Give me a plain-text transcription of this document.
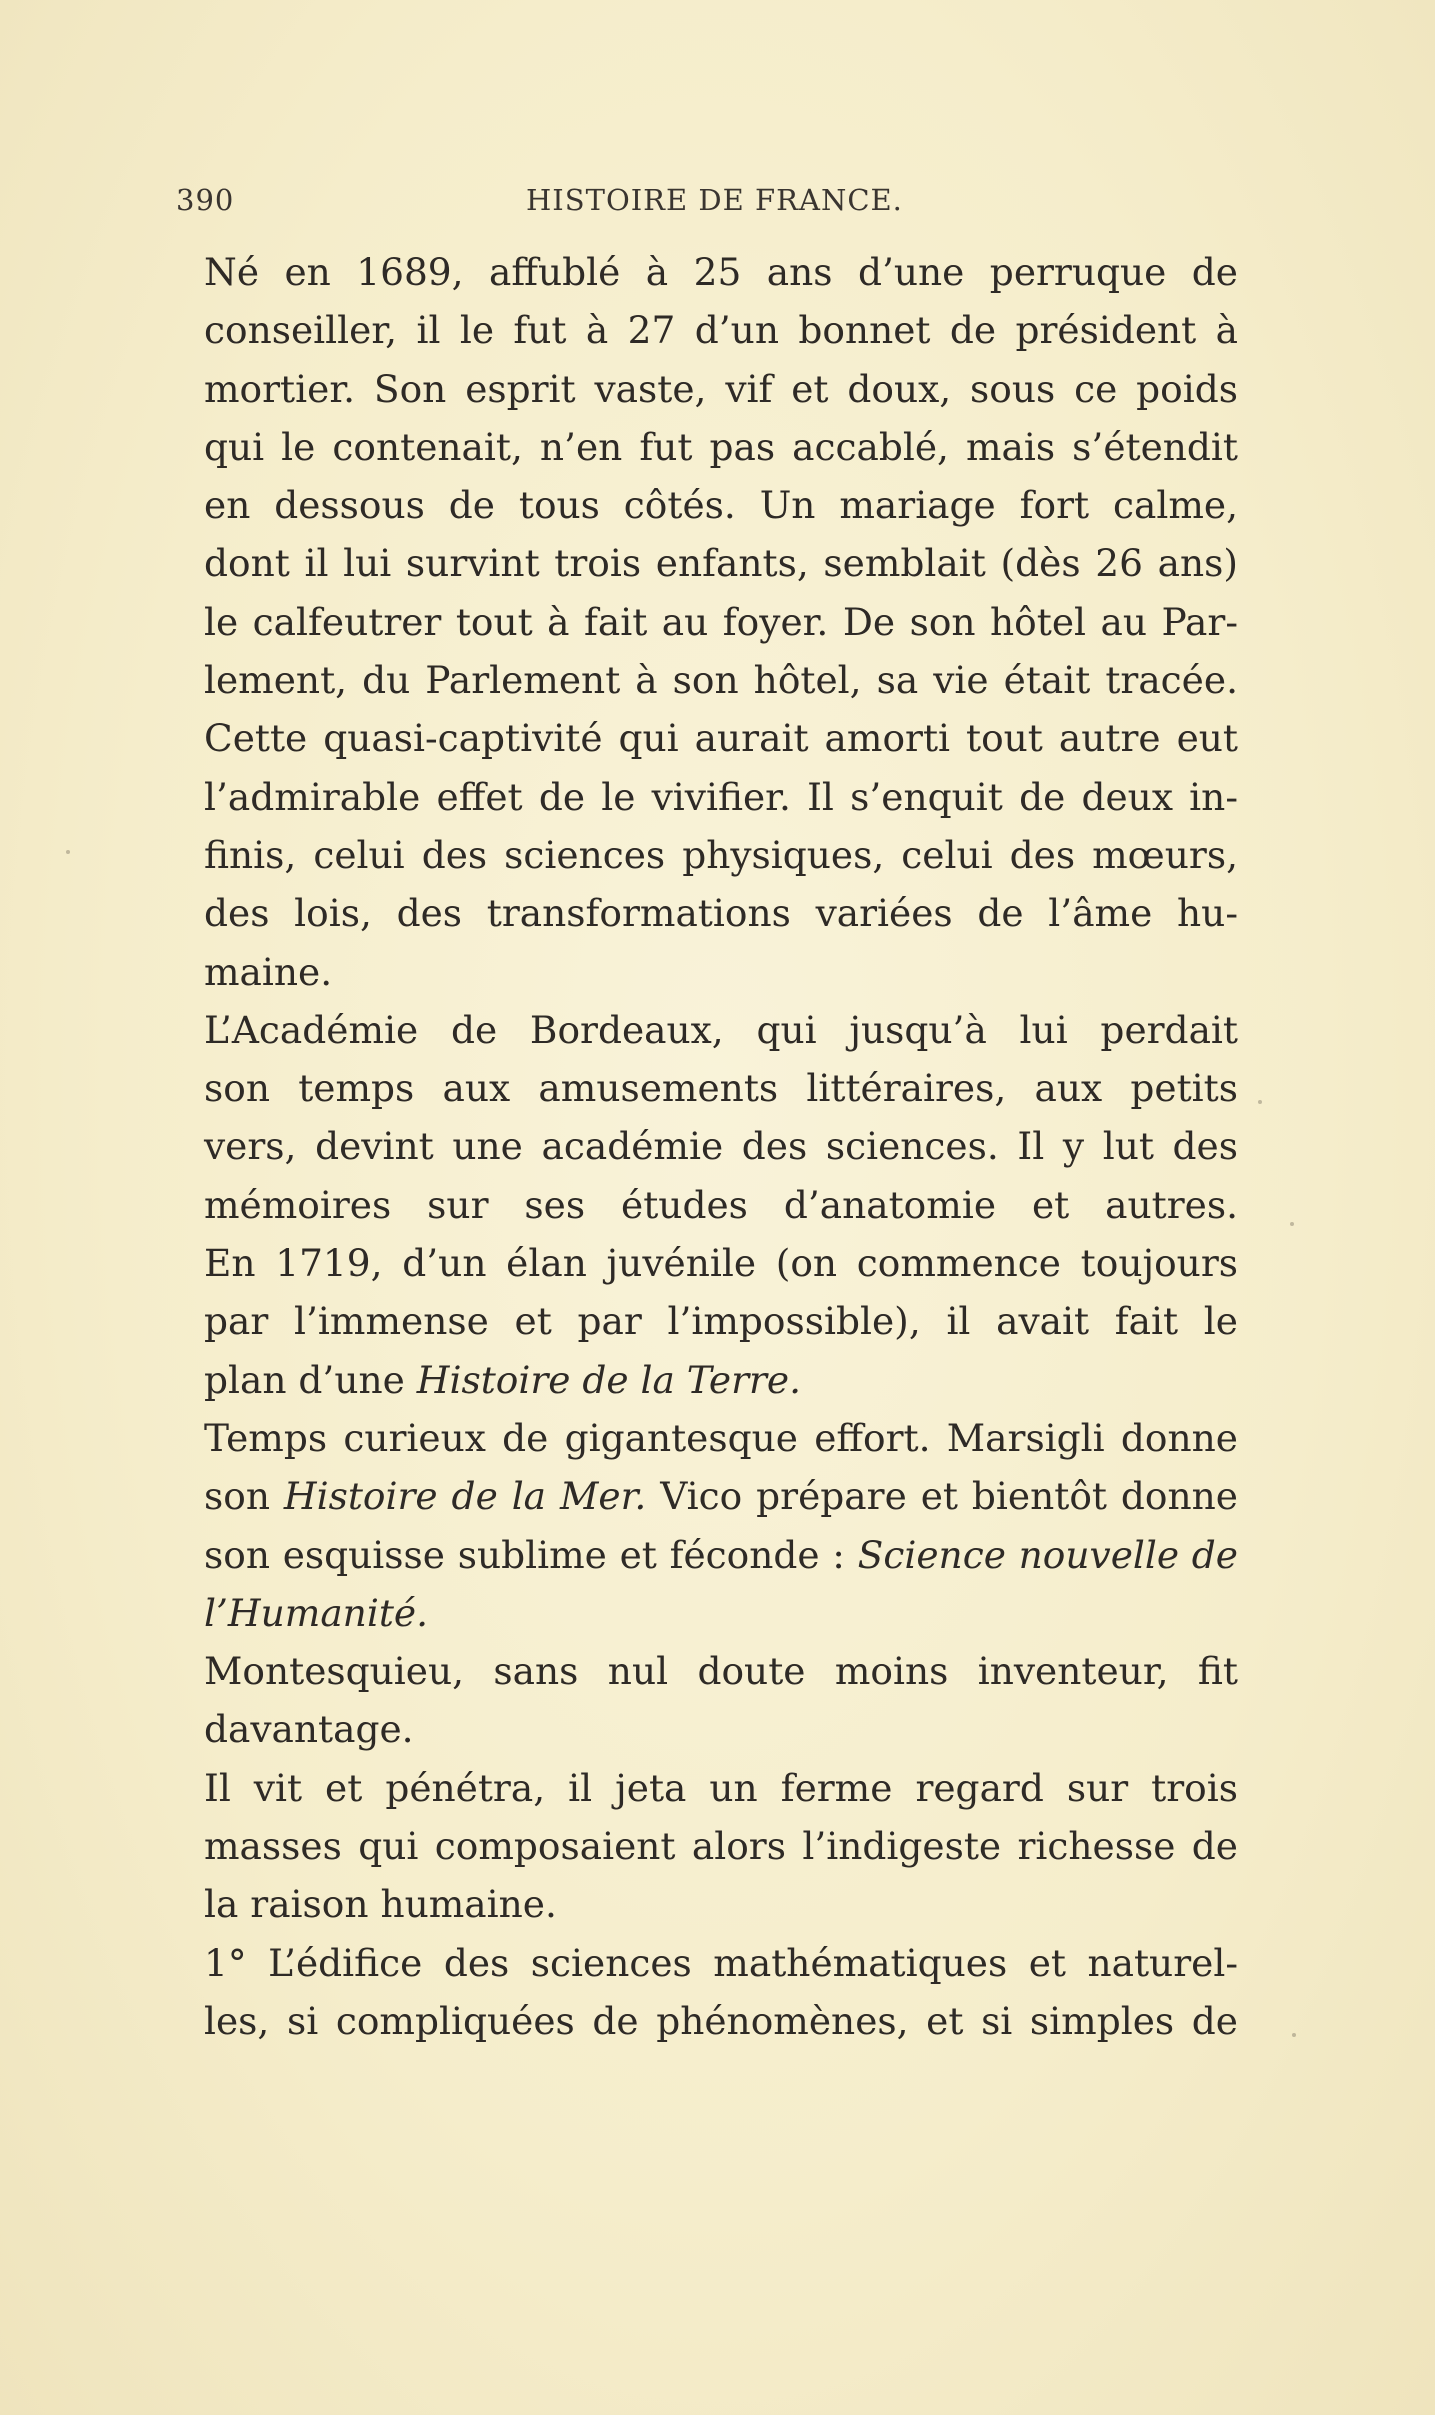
390	HISTOIRE DE FRANCE.

Né en 1689, affublé à 25 ans d’une perruque de
conseiller, il le fut à 27 d’un bonnet de président à
mortier. Son esprit vaste, vif et doux, sous ce poids
qui le contenait, n’en fut pas accablé, mais s’étendit
en dessous de tous côtés. Un mariage fort calme,
dont il lui survint trois enfants, semblait (dès 26 ans)
le calfeutrer tout à fait au foyer. De son hôtel au Par-
lement, du Parlement à son hôtel, sa vie était tracée.
Cette quasi-captivité qui aurait amorti tout autre eut
l’admirable effet de le vivifier. Il s’enquit de deux in-
finis, celui des sciences physiques, celui des mœurs,
des lois, des transformations variées de l’âme hu-
maine.

L’Académie de Bordeaux, qui jusqu’à lui perdait
son temps aux amusements littéraires, aux petits
vers, devint une académie des sciences. Il y lut des
mémoires sur ses études d’anatomie et autres.
En 1719, d’un élan juvénile (on commence toujours
par l’immense et par l’impossible), il avait fait le
plan d’une Histoire de la Terre.

Temps curieux de gigantesque effort. Marsigli donne
son Histoire de la Mer. Vico prépare et bientôt donne
son esquisse sublime et féconde : Science nouvelle de
l’Humanité.

Montesquieu, sans nul doute moins inventeur, fit
davantage.

Il vit et pénétra, il jeta un ferme regard sur trois
masses qui composaient alors l’indigeste richesse de
la raison humaine.

1° L’édifice des sciences mathématiques et naturel-
les, si compliquées de phénomènes, et si simples de
